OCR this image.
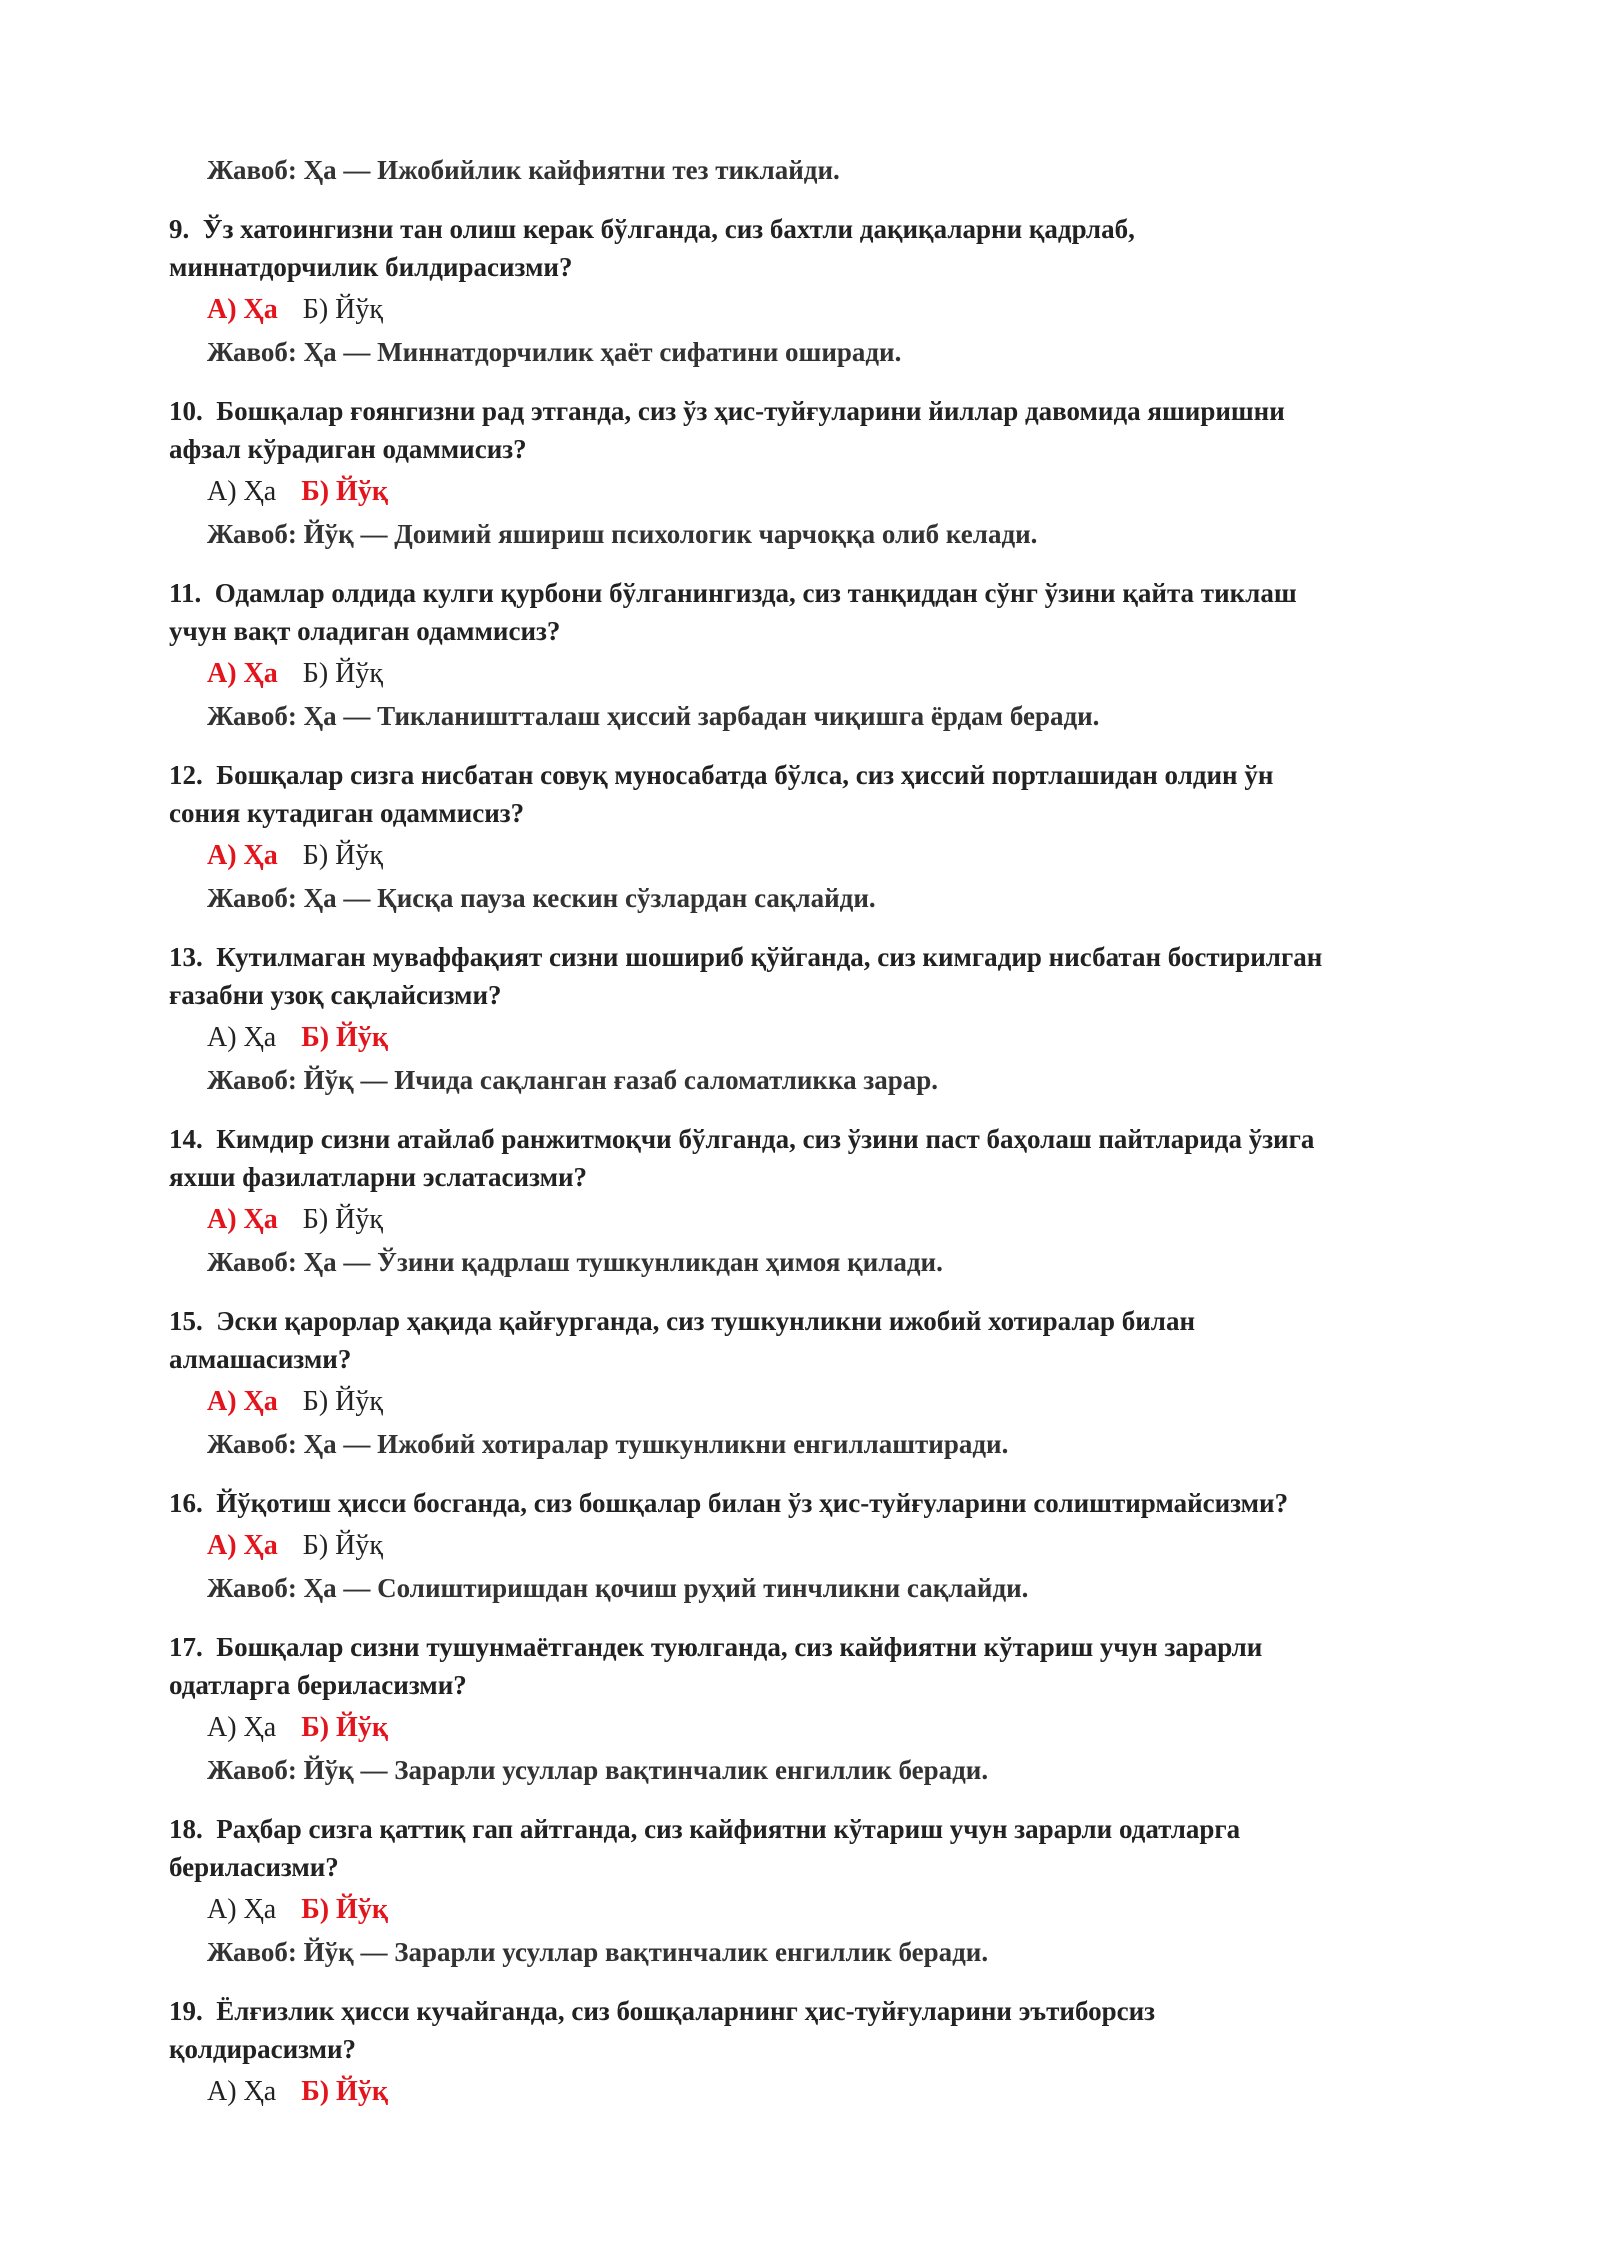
Жавоб: Ҳа — Ижобийлик кайфиятни тез тиклайди.

9. Ўз хатоингизни тан олиш керак бўлганда, сиз бахтли дақиқаларни қадрлаб,
миннатдорчилик билдирасизми?

А) Ҳа Б) Йўқ
Жавоб: Ҳа — Миннатдорчилик ҳаёт сифатини оширади.

10. Бошқалар ғоянгизни рад этганда, сиз ўз ҳис-туйғуларини йиллар давомида яширишни
афзал кўрадиган одаммисиз?

А) Ҳа Б) Йўқ
Жавоб: Йўқ — Доимий яшириш психологик чарчоққа олиб келади.

11. Одамлар олдида кулги қурбони бўлганингизда, сиз танқиддан сўнг ўзини қайта тиклаш
учун вақт оладиган одаммисиз?

А) Ҳа Б) Йўқ
Жавоб: Ҳа — Тиклаништталаш ҳиссий зарбадан чиқишга ёрдам беради.

12. Бошқалар сизга нисбатан совуқ муносабатда бўлса, сиз ҳиссий портлашидан олдин ўн
сония кутадиган одаммисиз?

А) Ҳа Б) Йўқ
Жавоб: Ҳа — Қисқа пауза кескин сўзлардан сақлайди.

13. Кутилмаган муваффақият сизни шошириб қўйганда, сиз кимгадир нисбатан бостирилган
ғазабни узоқ сақлайсизми?

А) Ҳа Б) Йўқ
Жавоб: Йўқ — Ичида сақланган ғазаб саломатликка зарар.

14. Кимдир сизни атайлаб ранжитмоқчи бўлганда, сиз ўзини паст баҳолаш пайтларида ўзига
яхши фазилатларни эслатасизми?

А) Ҳа Б) Йўқ
Жавоб: Ҳа — Ўзини қадрлаш тушкунликдан ҳимоя қилади.

15. Эски қарорлар ҳақида қайғурганда, сиз тушкунликни ижобий хотиралар билан
алмашасизми?

А) Ҳа Б) Йўқ
Жавоб: Ҳа — Ижобий хотиралар тушкунликни енгиллаштиради.

16. Йўқотиш ҳисси босганда, сиз бошқалар билан ўз ҳис-туйғуларини солиштирмайсизми?

А) Ҳа Б) Йўқ
Жавоб: Ҳа — Солиштиришдан қочиш руҳий тинчликни сақлайди.

17. Бошқалар сизни тушунмаётгандек туюлганда, сиз кайфиятни кўтариш учун зарарли
одатларга бериласизми?

А) Ҳа Б) Йўқ
Жавоб: Йўқ — Зарарли усуллар вақтинчалик енгиллик беради.

18. Раҳбар сизга қаттиқ гап айтганда, сиз кайфиятни кўтариш учун зарарли одатларга
бериласизми?

А) Ҳа Б) Йўқ
Жавоб: Йўқ — Зарарли усуллар вақтинчалик енгиллик беради.

19. Ёлғизлик ҳисси кучайганда, сиз бошқаларнинг ҳис-туйғуларини эътиборсиз
қолдирасизми?

А) Ҳа Б) Йўқ
